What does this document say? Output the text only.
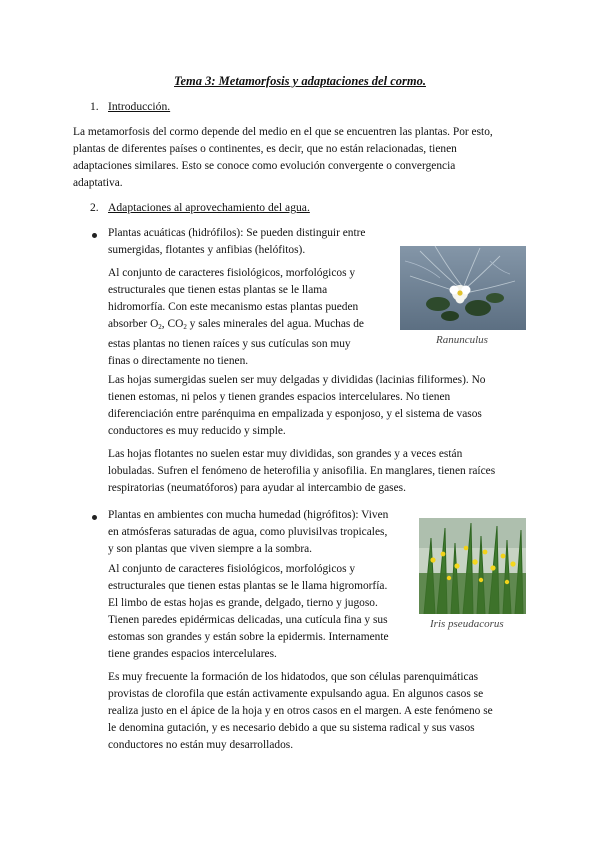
Tema 3: Metamorfosis y adaptaciones del cormo.
1. Introducción.
La metamorfosis del cormo depende del medio en el que se encuentren las plantas. Por esto,
plantas de diferentes países o continentes, es decir, que no están relacionadas, tienen
adaptaciones similares. Esto se conoce como evolución convergente o convergencia
adaptativa.
2. Adaptaciones al aprovechamiento del agua.
Plantas acuáticas (hidrófilos): Se pueden distinguir entre
sumergidas, flotantes y anfibias (helófitos).
Al conjunto de caracteres fisiológicos, morfológicos y
estructurales que tienen estas plantas se le llama
hidromorfía. Con este mecanismo estas plantas pueden
absorber $O_2$, $CO_2$ y sales minerales del agua. Muchas de
estas plantas no tienen raíces y sus cutículas son muy
finas o directamente no tienen.
Ranunculus
Las hojas sumergidas suelen ser muy delgadas y divididas (lacinias filiformes). No
tienen estomas, ni pelos y tienen grandes espacios intercelulares. No tienen
diferenciación entre parénquima en empalizada y esponjoso, y el sistema de vasos
conductores es muy reducido y simple.
Las hojas flotantes no suelen estar muy divididas, son grandes y a veces están
lobuladas. Sufren el fenómeno de heterofilia y anisofilia. En manglares, tienen raíces
respiratorias (neumatóforos) para ayudar al intercambio de gases.
Plantas en ambientes con mucha humedad (higrófitos): Viven
en atmósferas saturadas de agua, como pluvisilvas tropicales,
y son plantas que viven siempre a la sombra.
Al conjunto de caracteres fisiológicos, morfológicos y
estructurales que tienen estas plantas se le llama higromorfía.
El limbo de estas hojas es grande, delgado, tierno y jugoso.
Tienen paredes epidérmicas delicadas, una cutícula fina y sus
estomas son grandes y están sobre la epidermis. Internamente
tiene grandes espacios intercelulares.
Iris pseudacorus
Es muy frecuente la formación de los hidatodos, que son células parenquimáticas
provistas de clorofila que están activamente expulsando agua. En algunos casos se
realiza justo en el ápice de la hoja y en otros casos en el margen. A este fenómeno se
le denomina gutación, y es necesario debido a que su sistema radical y sus vasos
conductores no están muy desarrollados.
